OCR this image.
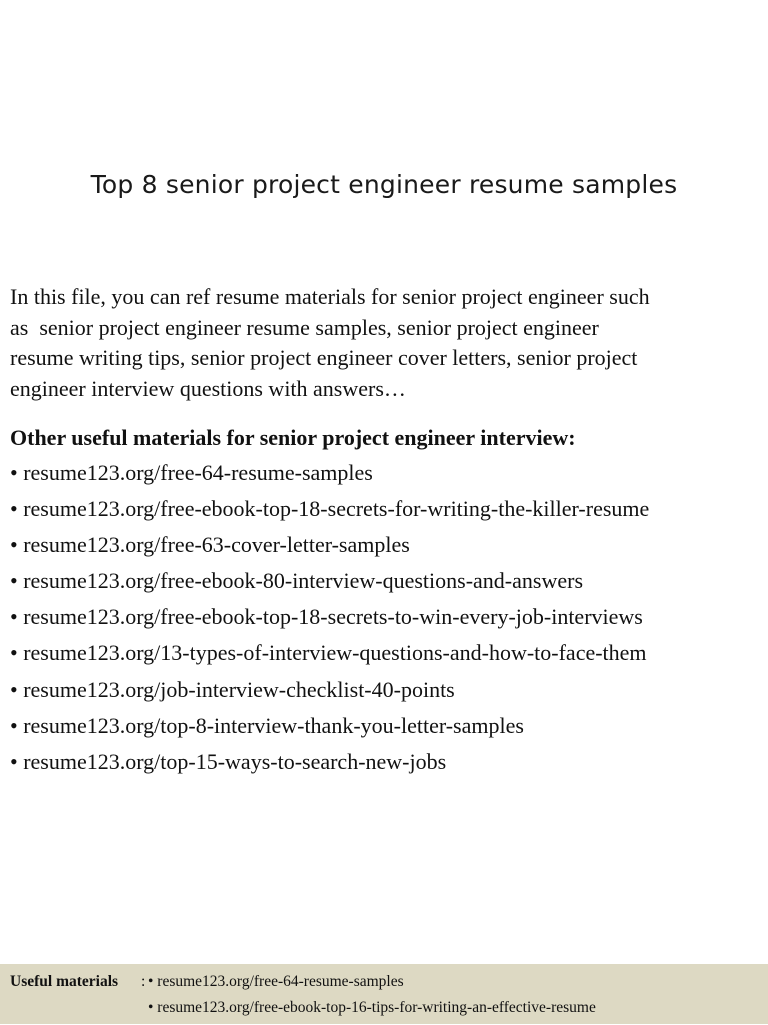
Top 8 senior project engineer resume samples

In this file, you can ref resume materials for senior project engineer such
as  senior project engineer resume samples, senior project engineer
resume writing tips, senior project engineer cover letters, senior project
engineer interview questions with answers…

Other useful materials for senior project engineer interview:
• resume123.org/free-64-resume-samples
• resume123.org/free-ebook-top-18-secrets-for-writing-the-killer-resume
• resume123.org/free-63-cover-letter-samples
• resume123.org/free-ebook-80-interview-questions-and-answers
• resume123.org/free-ebook-top-18-secrets-to-win-every-job-interviews
• resume123.org/13-types-of-interview-questions-and-how-to-face-them
• resume123.org/job-interview-checklist-40-points
• resume123.org/top-8-interview-thank-you-letter-samples
• resume123.org/top-15-ways-to-search-new-jobs
Useful materials : • resume123.org/free-64-resume-samples
• resume123.org/free-ebook-top-16-tips-for-writing-an-effective-resume
